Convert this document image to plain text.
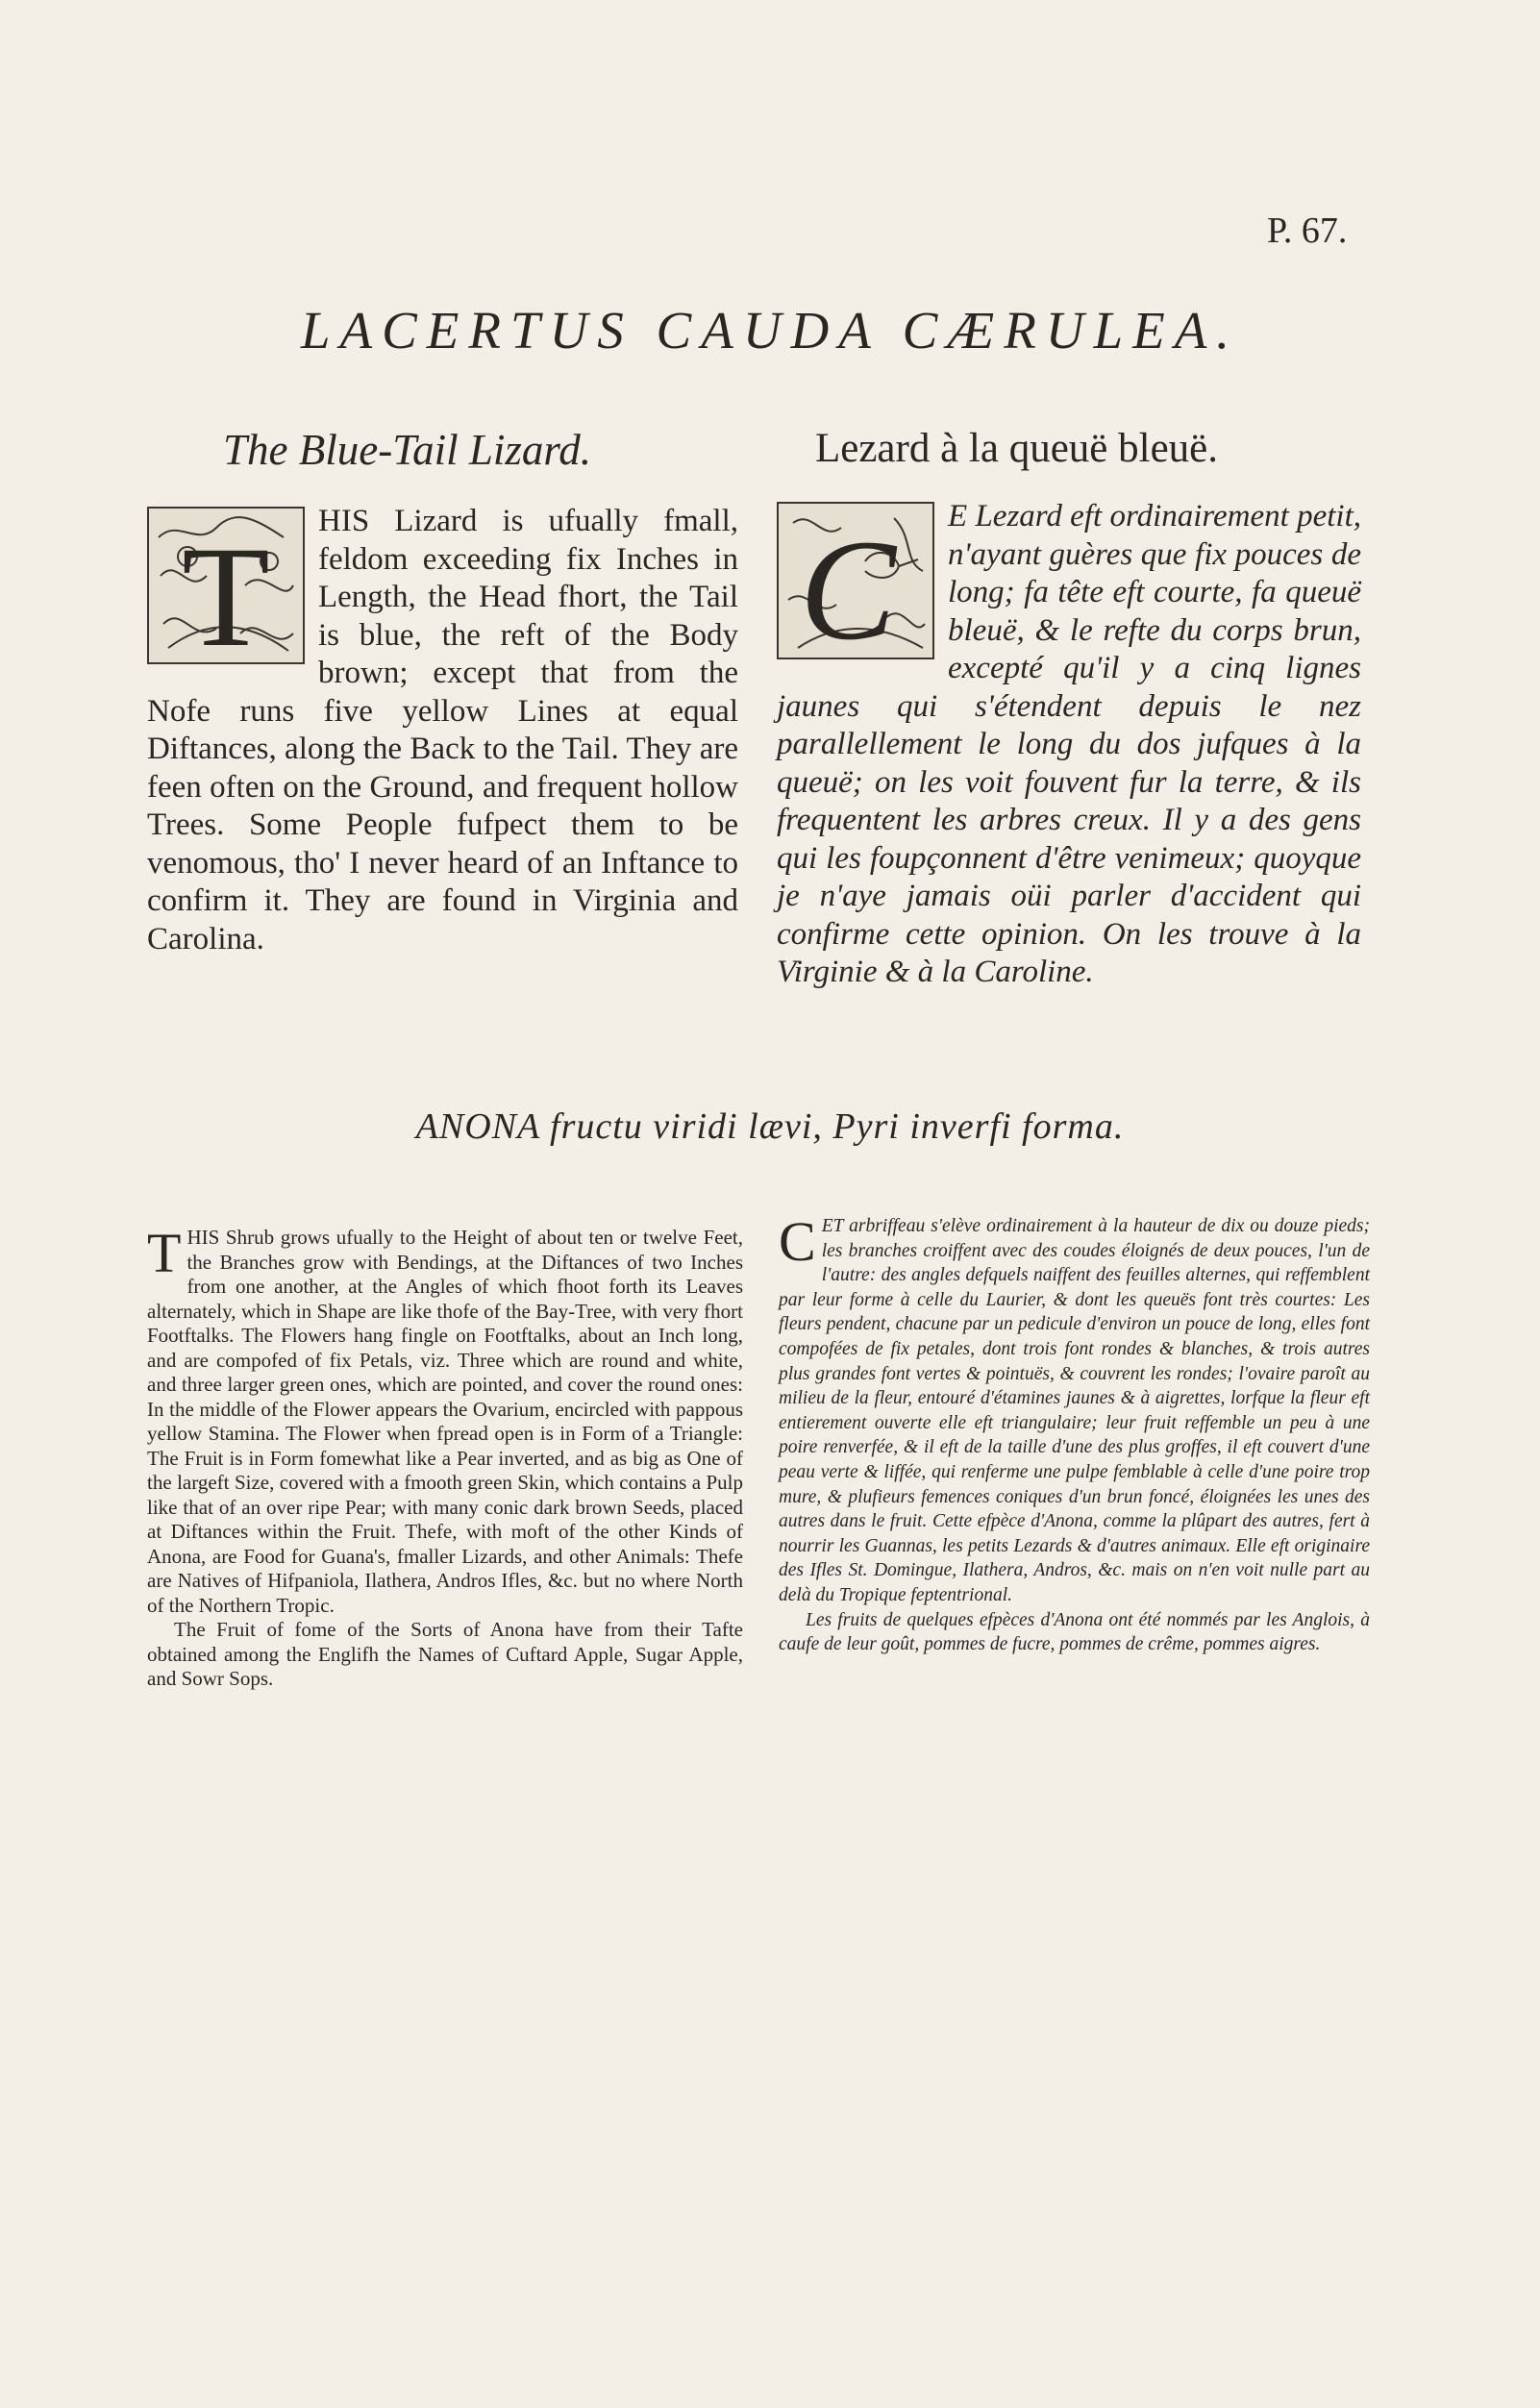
P. 67.
LACERTUS CAUDA CÆRULEA.
The Blue-Tail Lizard.	Lezard à la queuë bleuë.
T HIS Lizard is ufually fmall, feldom exceeding fix Inches in Length, the Head fhort, the Tail is blue, the reft of the Body brown; except that from the Nofe runs five yellow Lines at equal Diftances, along the Back to the Tail. They are feen often on the Ground, and frequent hollow Trees. Some People fufpect them to be venomous, tho' I never heard of an Inftance to confirm it. They are found in Virginia and Carolina.
C E Lezard eft ordinairement petit, n'ayant guères que fix pouces de long; fa tête eft courte, fa queuë bleuë, & le refte du corps brun, excepté qu'il y a cinq lignes jaunes qui s'étendent depuis le nez parallellement le long du dos jufques à la queuë; on les voit fouvent fur la terre, & ils frequentent les arbres creux. Il y a des gens qui les foupçonnent d'être venimeux; quoyque je n'aye jamais oüi parler d'accident qui confirme cette opinion. On les trouve à la Virginie & à la Caroline.
ANONA fructu viridi lævi, Pyri inverfi forma.

T HIS Shrub grows ufually to the Height of about ten or twelve Feet, the Branches grow with Bendings, at the Diftances of two Inches from one another, at the Angles of which fhoot forth its Leaves alternately, which in Shape are like thofe of the Bay-Tree, with very fhort Footftalks. The Flowers hang fingle on Footftalks, about an Inch long, and are compofed of fix Petals, viz. Three which are round and white, and three larger green ones, which are pointed, and cover the round ones: In the middle of the Flower appears the Ovarium, encircled with pappous yellow Stamina. The Flower when fpread open is in Form of a Triangle: The Fruit is in Form fomewhat like a Pear inverted, and as big as One of the largeft Size, covered with a fmooth green Skin, which contains a Pulp like that of an over ripe Pear; with many conic dark brown Seeds, placed at Diftances within the Fruit. Thefe, with moft of the other Kinds of Anona, are Food for Guana's, fmaller Lizards, and other Animals: Thefe are Natives of Hifpaniola, Ilathera, Andros Ifles, &c. but no where North of the Northern Tropic.

The Fruit of fome of the Sorts of Anona have from their Tafte obtained among the Englifh the Names of Cuftard Apple, Sugar Apple, and Sowr Sops.

C ET arbriffeau s'elève ordinairement à la hauteur de dix ou douze pieds; les branches croiffent avec des coudes éloignés de deux pouces, l'un de l'autre: des angles defquels naiffent des feuilles alternes, qui reffemblent par leur forme à celle du Laurier, & dont les queuës font très courtes: Les fleurs pendent, chacune par un pedicule d'environ un pouce de long, elles font compofées de fix petales, dont trois font rondes & blanches, & trois autres plus grandes font vertes & pointuës, & couvrent les rondes; l'ovaire paroît au milieu de la fleur, entouré d'étamines jaunes & à aigrettes, lorfque la fleur eft entierement ouverte elle eft triangulaire; leur fruit reffemble un peu à une poire renverfée, & il eft de la taille d'une des plus groffes, il eft couvert d'une peau verte & liffée, qui renferme une pulpe femblable à celle d'une poire trop mure, & plufieurs femences coniques d'un brun foncé, éloignées les unes des autres dans le fruit. Cette efpèce d'Anona, comme la plûpart des autres, fert à nourrir les Guannas, les petits Lezards & d'autres animaux. Elle eft originaire des Ifles St. Domingue, Ilathera, Andros, &c. mais on n'en voit nulle part au delà du Tropique feptentrional.

Les fruits de quelques efpèces d'Anona ont été nommés par les Anglois, à caufe de leur goût, pommes de fucre, pommes de crême, pommes aigres.
